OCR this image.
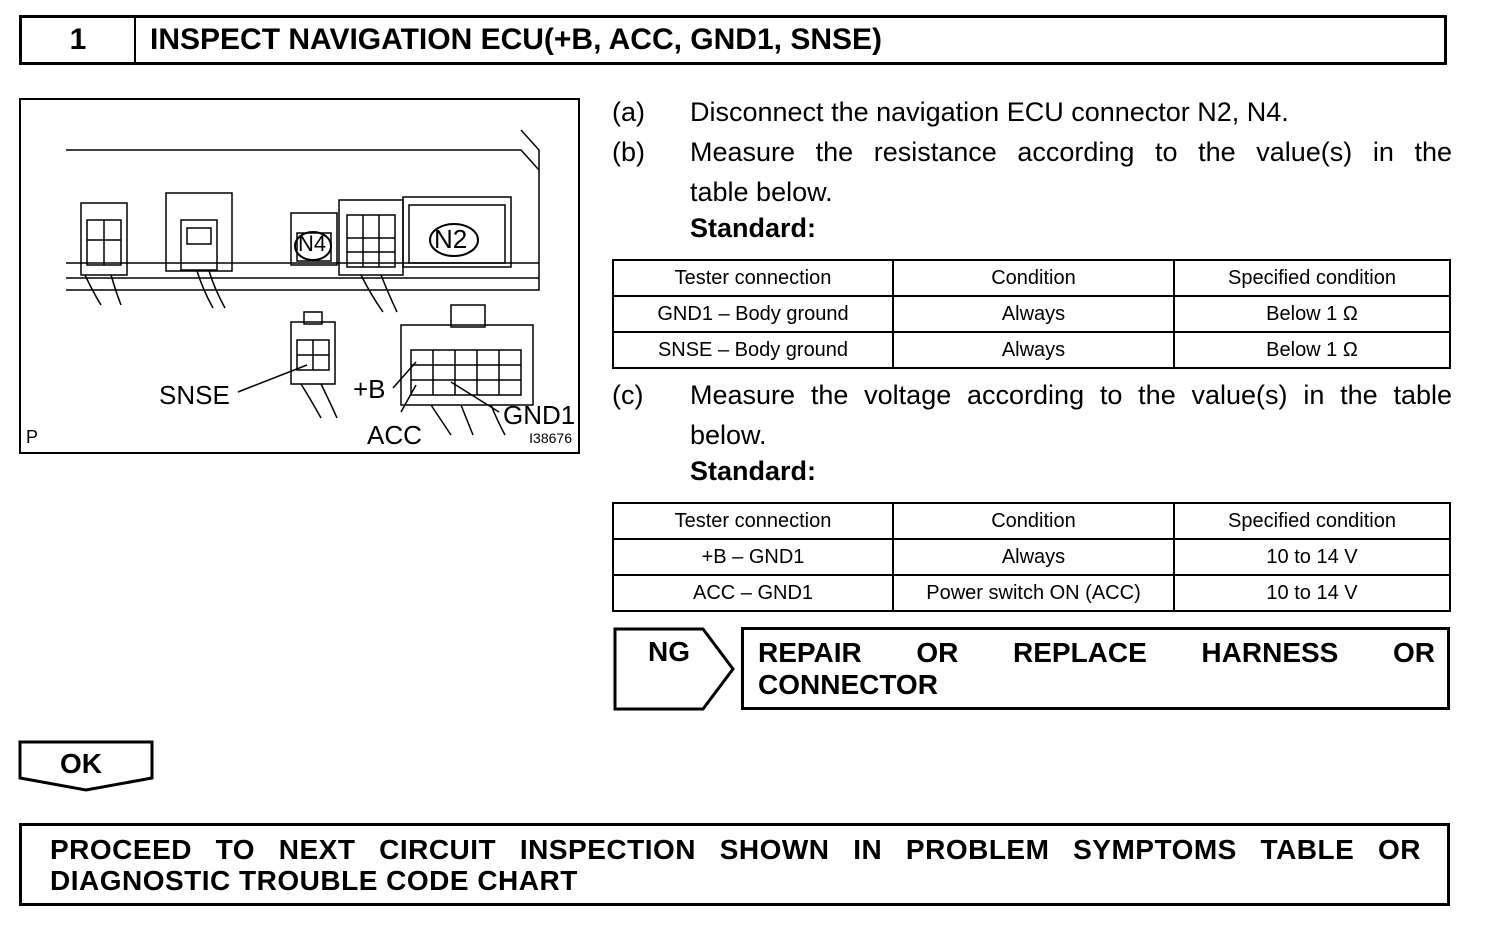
1	INSPECT NAVIGATION ECU(+B, ACC, GND1, SNSE)
N4	N2
SNSE	+B
GND1
ACC
P	I38676
(a) Disconnect the navigation ECU connector N2, N4.
(b) Measure the resistance according to the value(s) in the
table below.
Standard:
Tester connection	Condition	Specified condition
GND1 – Body ground	Always	Below 1 Ω
SNSE – Body ground	Always	Below 1 Ω
(c) Measure the voltage according to the value(s) in the table
below.
Standard:
Tester connection	Condition	Specified condition
+B – GND1	Always	10 to 14 V
ACC – GND1	Power switch ON (ACC)	10 to 14 V
NG REPAIR OR REPLACE HARNESS OR
CONNECTOR
OK
PROCEED TO NEXT CIRCUIT INSPECTION SHOWN IN PROBLEM SYMPTOMS TABLE OR
DIAGNOSTIC TROUBLE CODE CHART
